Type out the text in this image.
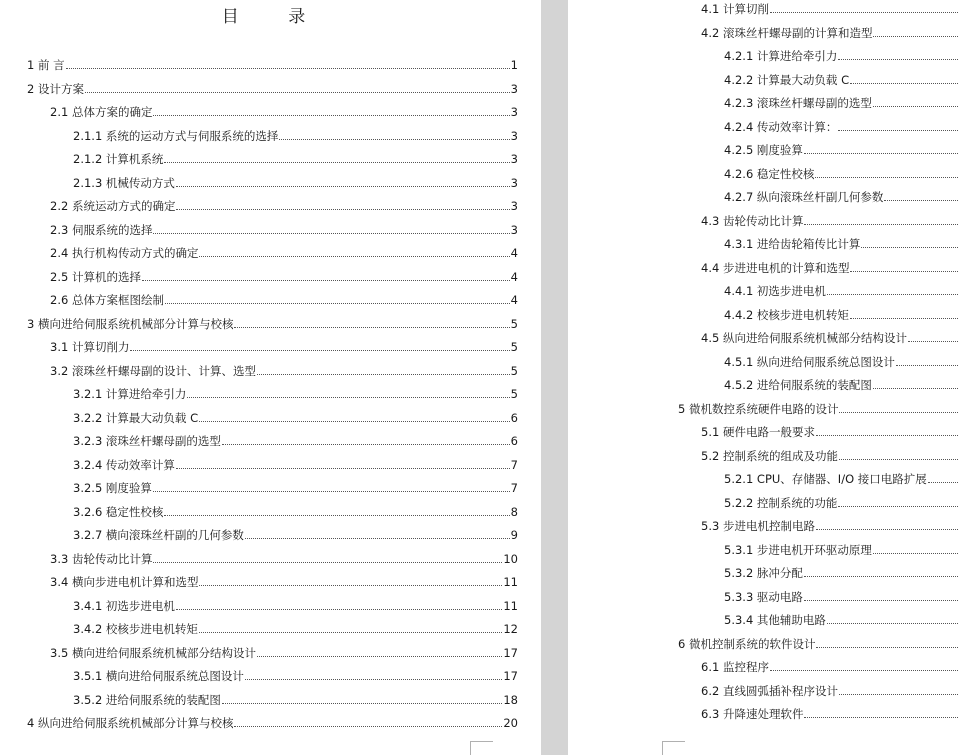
目 录
1 前 言	1
2 设计方案	3
2.1 总体方案的确定	3
2.1.1 系统的运动方式与伺服系统的选择	3
2.1.2 计算机系统	3
2.1.3 机械传动方式	3
2.2 系统运动方式的确定	3
2.3 伺服系统的选择	3
2.4 执行机构传动方式的确定	4
2.5 计算机的选择	4
2.6 总体方案框图绘制	4
3 横向进给伺服系统机械部分计算与校核	5
3.1 计算切削力	5
3.2 滚珠丝杆螺母副的设计、计算、选型	5
3.2.1 计算进给牵引力	5
3.2.2 计算最大动负载 C	6
3.2.3 滚珠丝杆螺母副的选型	6
3.2.4 传动效率计算	7
3.2.5 刚度验算	7
3.2.6 稳定性校核	8
3.2.7 横向滚珠丝杆副的几何参数	9
3.3 齿轮传动比计算	10
3.4 横向步进电机计算和选型	11
3.4.1 初选步进电机	11
3.4.2 校核步进电机转矩	12
3.5 横向进给伺服系统机械部分结构设计	17
3.5.1 横向进给伺服系统总图设计	17
3.5.2 进给伺服系统的装配图	18
4 纵向进给伺服系统机械部分计算与校核	20
4.1 计算切削
4.2 滚珠丝杆螺母副的计算和造型
4.2.1 计算进给牵引力
4.2.2 计算最大动负载 C
4.2.3 滚珠丝杆螺母副的选型
4.2.4 传动效率计算：
4.2.5 刚度验算
4.2.6 稳定性校核
4.2.7 纵向滚珠丝杆副几何参数
4.3 齿轮传动比计算
4.3.1 进给齿轮箱传比计算
4.4 步进进电机的计算和选型
4.4.1 初选步进电机
4.4.2 校核步进电机转矩
4.5 纵向进给伺服系统机械部分结构设计
4.5.1 纵向进给伺服系统总图设计
4.5.2 进给伺服系统的装配图
5 微机数控系统硬件电路的设计
5.1 硬件电路一般要求
5.2 控制系统的组成及功能
5.2.1 CPU、存储器、I/O 接口电路扩展
5.2.2 控制系统的功能
5.3 步进电机控制电路
5.3.1 步进电机开环驱动原理
5.3.2 脉冲分配
5.3.3 驱动电路
5.3.4 其他辅助电路
6 微机控制系统的软件设计
6.1 监控程序
6.2 直线圆弧插补程序设计
6.3 升降速处理软件
